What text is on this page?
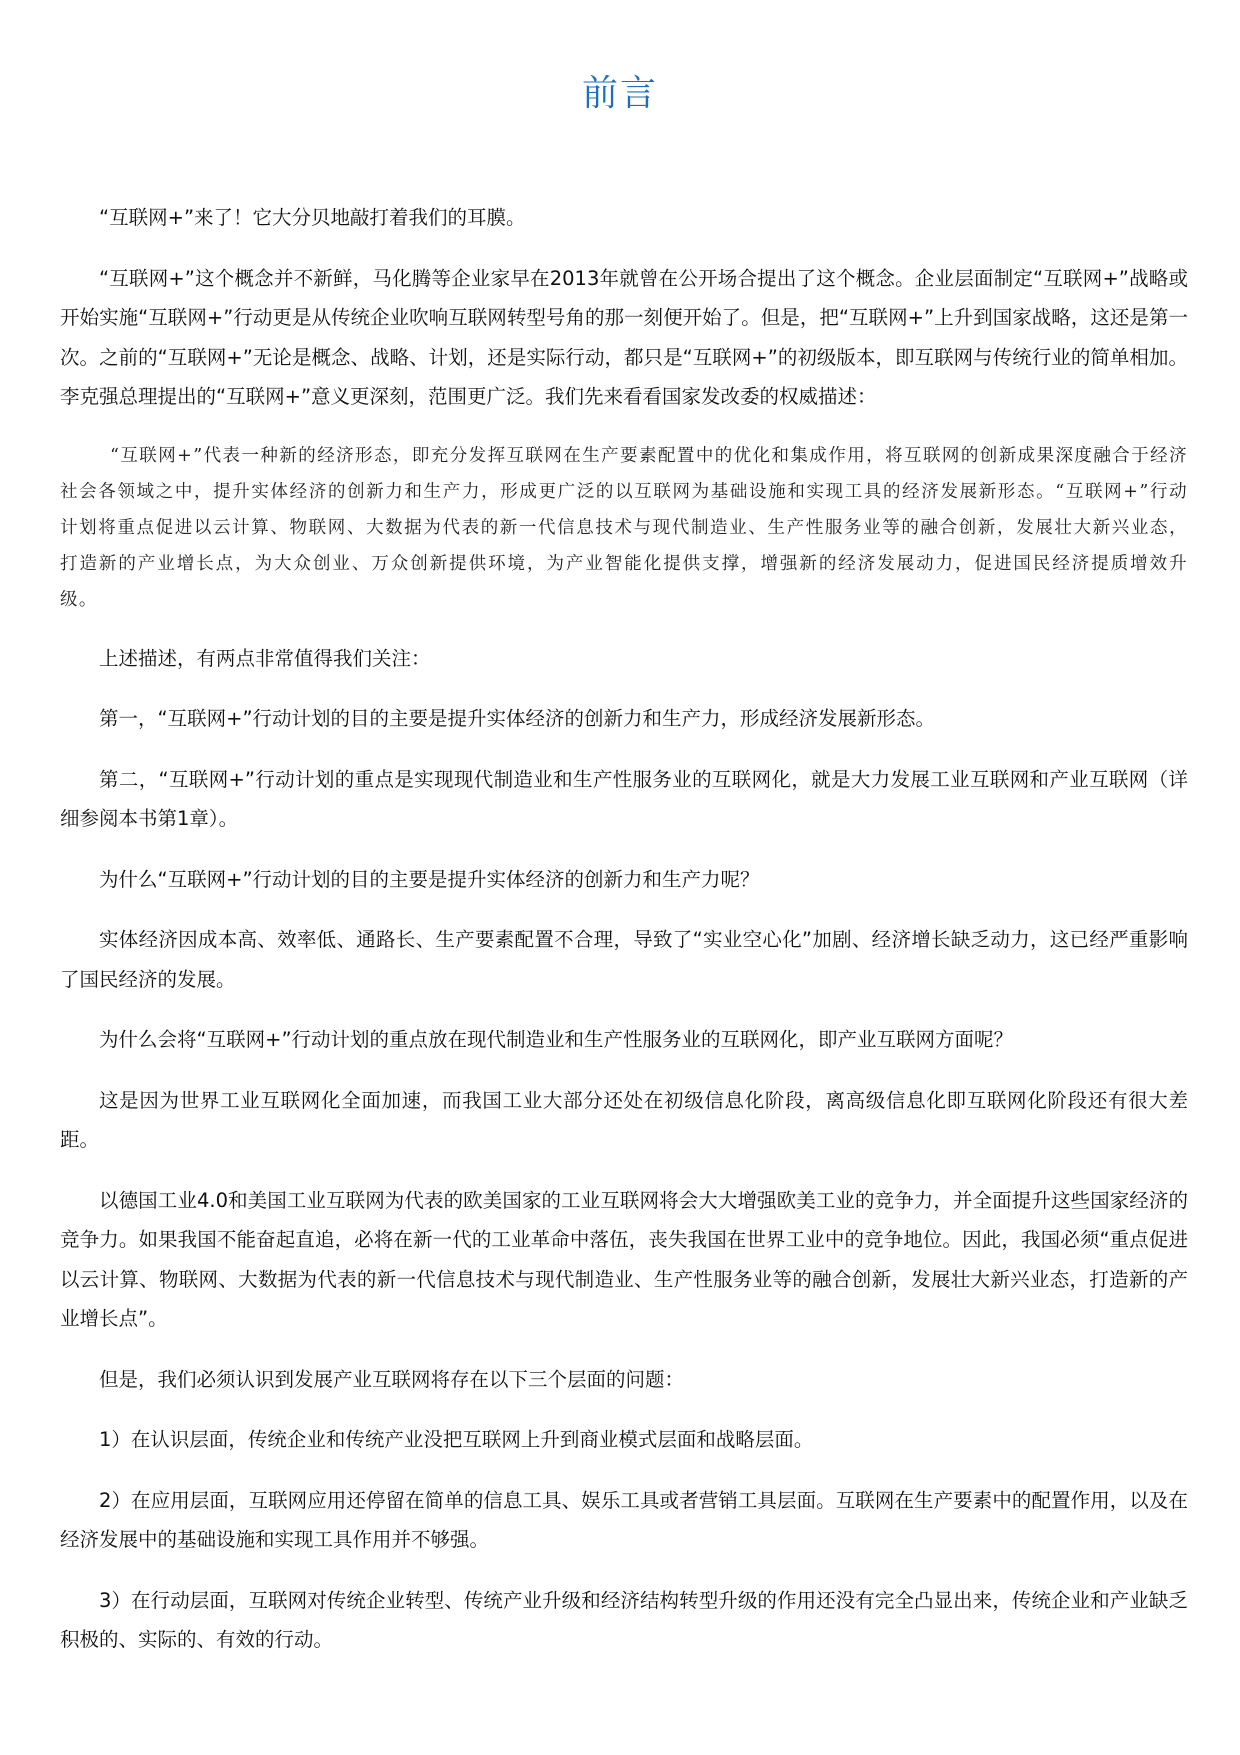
前言

“互联网+”来了！它大分贝地敲打着我们的耳膜。

“互联网+”这个概念并不新鲜，马化腾等企业家早在2013年就曾在公开场合提出了这个概念。企业层面制定“互联网+”战略或开始实施“互联网+”行动更是从传统企业吹响互联网转型号角的那一刻便开始了。但是，把“互联网+”上升到国家战略，这还是第一次。之前的“互联网+”无论是概念、战略、计划，还是实际行动，都只是“互联网+”的初级版本，即互联网与传统行业的简单相加。李克强总理提出的“互联网+”意义更深刻，范围更广泛。我们先来看看国家发改委的权威描述：

“互联网+”代表一种新的经济形态，即充分发挥互联网在生产要素配置中的优化和集成作用，将互联网的创新成果深度融合于经济社会各领域之中，提升实体经济的创新力和生产力，形成更广泛的以互联网为基础设施和实现工具的经济发展新形态。“互联网+”行动计划将重点促进以云计算、物联网、大数据为代表的新一代信息技术与现代制造业、生产性服务业等的融合创新，发展壮大新兴业态，打造新的产业增长点，为大众创业、万众创新提供环境，为产业智能化提供支撑，增强新的经济发展动力，促进国民经济提质增效升级。

上述描述，有两点非常值得我们关注：

第一，“互联网+”行动计划的目的主要是提升实体经济的创新力和生产力，形成经济发展新形态。

第二，“互联网+”行动计划的重点是实现现代制造业和生产性服务业的互联网化，就是大力发展工业互联网和产业互联网（详细参阅本书第1章）。

为什么“互联网+”行动计划的目的主要是提升实体经济的创新力和生产力呢？

实体经济因成本高、效率低、通路长、生产要素配置不合理，导致了“实业空心化”加剧、经济增长缺乏动力，这已经严重影响了国民经济的发展。

为什么会将“互联网+”行动计划的重点放在现代制造业和生产性服务业的互联网化，即产业互联网方面呢？

这是因为世界工业互联网化全面加速，而我国工业大部分还处在初级信息化阶段，离高级信息化即互联网化阶段还有很大差距。

以德国工业4.0和美国工业互联网为代表的欧美国家的工业互联网将会大大增强欧美工业的竞争力，并全面提升这些国家经济的竞争力。如果我国不能奋起直追，必将在新一代的工业革命中落伍，丧失我国在世界工业中的竞争地位。因此，我国必须“重点促进以云计算、物联网、大数据为代表的新一代信息技术与现代制造业、生产性服务业等的融合创新，发展壮大新兴业态，打造新的产业增长点”。

但是，我们必须认识到发展产业互联网将存在以下三个层面的问题：

1）在认识层面，传统企业和传统产业没把互联网上升到商业模式层面和战略层面。

2）在应用层面，互联网应用还停留在简单的信息工具、娱乐工具或者营销工具层面。互联网在生产要素中的配置作用，以及在经济发展中的基础设施和实现工具作用并不够强。

3）在行动层面，互联网对传统企业转型、传统产业升级和经济结构转型升级的作用还没有完全凸显出来，传统企业和产业缺乏积极的、实际的、有效的行动。
